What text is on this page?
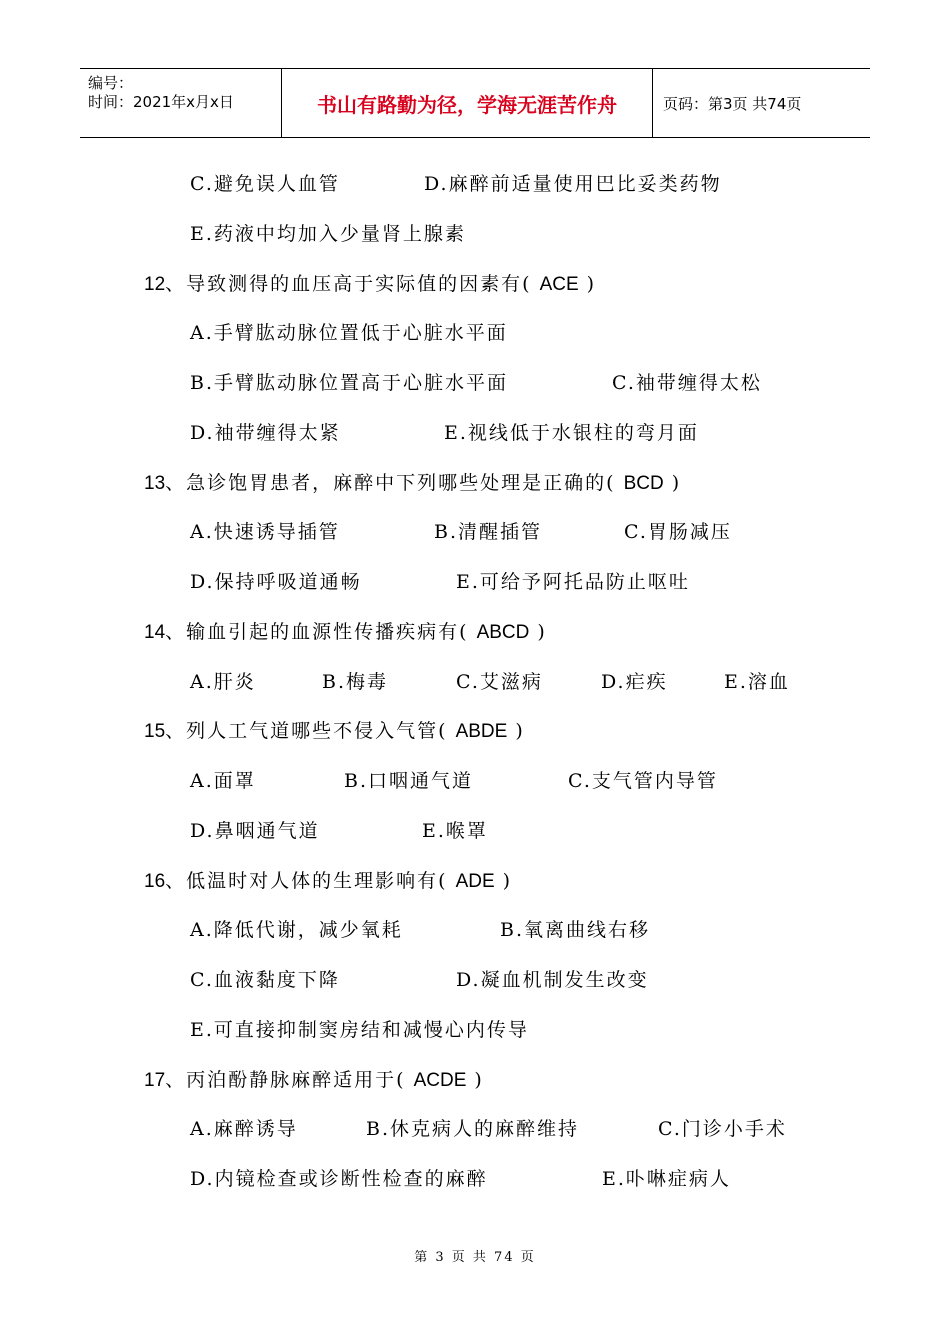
编号：
时间：2021年x月x日	书山有路勤为径，学海无涯苦作舟	页码：第3页 共74页
C.避免误人血管	D.麻醉前适量使用巴比妥类药物
E.药液中均加入少量肾上腺素
12、导致测得的血压高于实际值的因素有( ACE )
A.手臂肱动脉位置低于心脏水平面
B.手臂肱动脉位置高于心脏水平面	C.袖带缠得太松
D.袖带缠得太紧	E.视线低于水银柱的弯月面
13、急诊饱胃患者，麻醉中下列哪些处理是正确的( BCD )
A.快速诱导插管	B.清醒插管	C.胃肠减压
D.保持呼吸道通畅	E.可给予阿托品防止呕吐
14、输血引起的血源性传播疾病有( ABCD )
A.肝炎	B.梅毒	C.艾滋病	D.疟疾	E.溶血
15、列人工气道哪些不侵入气管( ABDE )
A.面罩	B.口咽通气道	C.支气管内导管
D.鼻咽通气道	E.喉罩
16、低温时对人体的生理影响有( ADE )
A.降低代谢，减少氧耗	B.氧离曲线右移
C.血液黏度下降	D.凝血机制发生改变
E.可直接抑制窦房结和减慢心内传导
17、丙泊酚静脉麻醉适用于( ACDE )
A.麻醉诱导	B.休克病人的麻醉维持	C.门诊小手术
D.内镜检查或诊断性检查的麻醉	E.卟啉症病人
第 3 页 共 74 页
